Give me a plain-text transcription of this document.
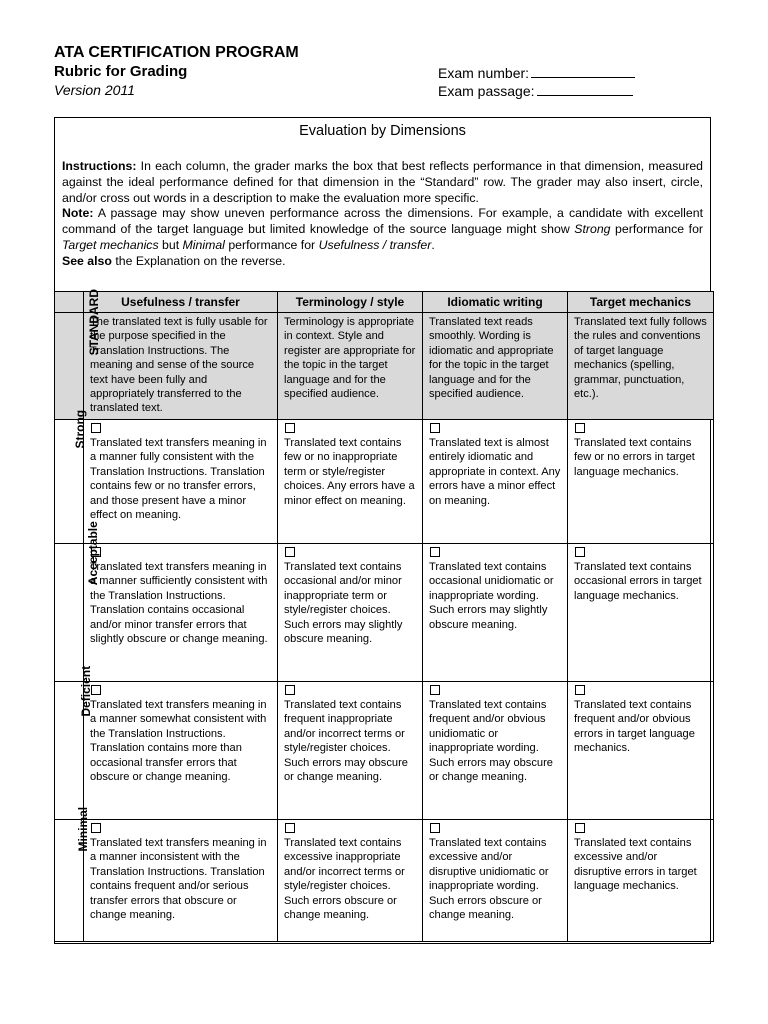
ATA CERTIFICATION PROGRAM
Rubric for Grading
Version 2011
Exam number:
Exam passage:
Evaluation by Dimensions
Instructions: In each column, the grader marks the box that best reflects performance in that dimension, measured against the ideal performance defined for that dimension in the “Standard” row. The grader may also insert, circle, and/or cross out words in a description to make the evaluation more specific.
Note: A passage may show uneven performance across the dimensions. For example, a candidate with excellent command of the target language but limited knowledge of the source language might show Strong performance for Target mechanics but Minimal performance for Usefulness / transfer.
See also the Explanation on the reverse.
	Usefulness / transfer	Terminology / style	Idiomatic writing	Target mechanics
STANDARD	The translated text is fully usable for the purpose specified in the Translation Instructions. The meaning and sense of the source text have been fully and appropriately transferred to the translated text.	Terminology is appropriate in context. Style and register are appropriate for the topic in the target language and for the specified audience.	Translated text reads smoothly. Wording is idiomatic and appropriate for the topic in the target language and for the specified audience.	Translated text fully follows the rules and conventions of target language mechanics (spelling, grammar, punctuation, etc.).
Strong	Translated text transfers meaning in a manner fully consistent with the Translation Instructions. Translation contains few or no transfer errors, and those present have a minor effect on meaning.	Translated text contains few or no inappropriate term or style/register choices. Any errors have a minor effect on meaning.	Translated text is almost entirely idiomatic and appropriate in context. Any errors have a minor effect on meaning.	Translated text contains few or no errors in target language mechanics.
Acceptable	Translated text transfers meaning in a manner sufficiently consistent with the Translation Instructions. Translation contains occasional and/or minor transfer errors that slightly obscure or change meaning.	Translated text contains occasional and/or minor inappropriate term or style/register choices. Such errors may slightly obscure meaning.	Translated text contains occasional unidiomatic or inappropriate wording. Such errors may slightly obscure meaning.	Translated text contains occasional errors in target language mechanics.
Deficient	Translated text transfers meaning in a manner somewhat consistent with the Translation Instructions. Translation contains more than occasional transfer errors that obscure or change meaning.	Translated text contains frequent inappropriate and/or incorrect terms or style/register choices. Such errors may obscure or change meaning.	Translated text contains frequent and/or obvious unidiomatic or inappropriate wording. Such errors may obscure or change meaning.	Translated text contains frequent and/or obvious errors in target language mechanics.
Minimal	Translated text transfers meaning in a manner inconsistent with the Translation Instructions. Translation contains frequent and/or serious transfer errors that obscure or change meaning.	Translated text contains excessive inappropriate and/or incorrect terms or style/register choices. Such errors obscure or change meaning.	Translated text contains excessive and/or disruptive unidiomatic or inappropriate wording. Such errors obscure or change meaning.	Translated text contains excessive and/or disruptive errors in target language mechanics.
